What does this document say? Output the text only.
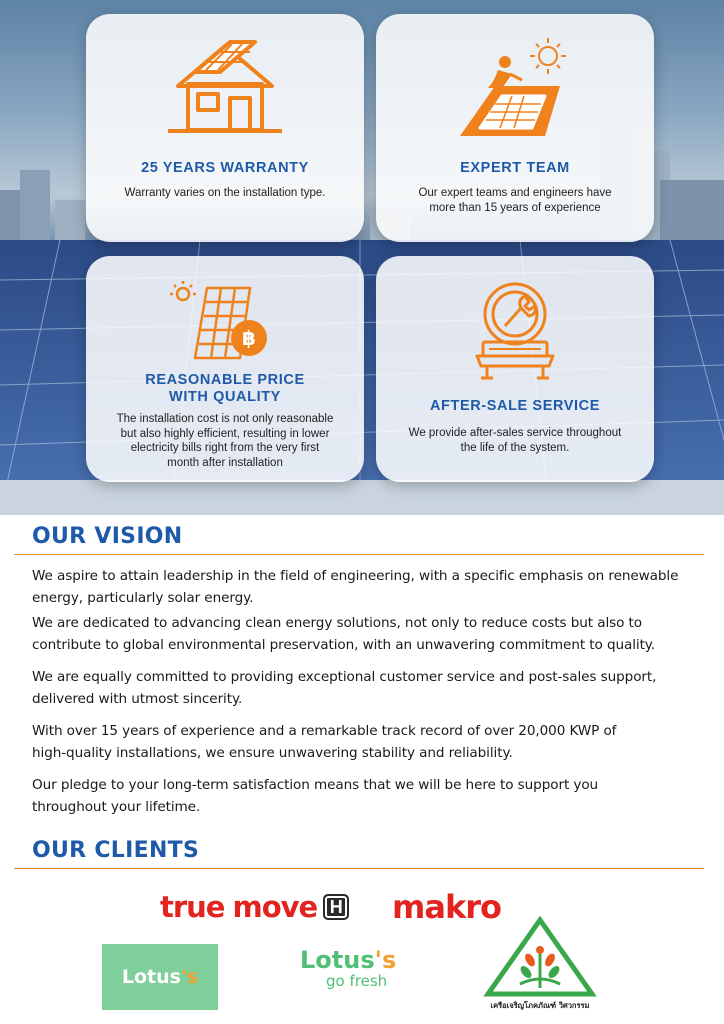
25 YEARS WARRANTY
Warranty varies on the installation type.
EXPERT TEAM
Our expert teams and engineers have
more than 15 years of experience
฿
REASONABLE PRICE
WITH QUALITY
The installation cost is not only reasonable
but also highly efficient, resulting in lower
electricity bills right from the very first
month after installation
AFTER-SALE SERVICE
We provide after-sales service throughout
the life of the system.
OUR VISION
We aspire to attain leadership in the field of engineering, with a specific emphasis on renewable
energy, particularly solar energy.
We are dedicated to advancing clean energy solutions, not only to reduce costs but also to
contribute to global environmental preservation, with an unwavering commitment to quality.
We are equally committed to providing exceptional customer service and post-sales support,
delivered with utmost sincerity.
With over 15 years of experience and a remarkable track record of over 20,000 KWP of
high-quality installations, we ensure unwavering stability and reliability.
Our pledge to your long-term satisfaction means that we will be here to support you
throughout your lifetime.
OUR CLIENTS
true move H makro
Lotus 's
Lotus's
go fresh
เครือเจริญโภคภัณฑ์ วิศวกรรม
